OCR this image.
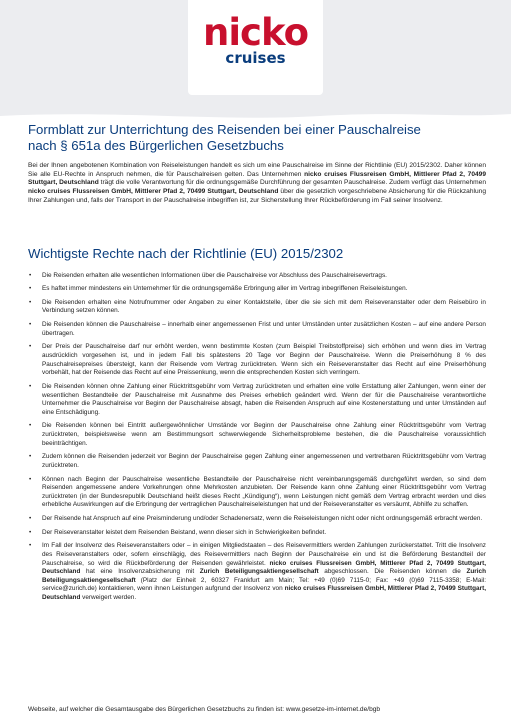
nicko
cruises
Formblatt zur Unterrichtung des Reisenden bei einer Pauschalreise
nach § 651a des Bürgerlichen Gesetzbuchs

Bei der Ihnen angebotenen Kombination von Reiseleistungen handelt es sich um eine Pauschalreise im Sinne der Richtlinie (EU) 2015/2302. Daher können Sie alle EU-Rechte in Anspruch nehmen, die für Pauschalreisen gelten. Das Unternehmen nicko cruises Flussreisen GmbH, Mittlerer Pfad 2, 70499 Stuttgart, Deutschland trägt die volle Verantwortung für die ordnungsgemäße Durchführung der gesamten Pauschalreise. Zudem verfügt das Unternehmen nicko cruises Flussreisen GmbH, Mittlerer Pfad 2, 70499 Stuttgart, Deutschland über die gesetzlich vorgeschriebene Absicherung für die Rückzahlung Ihrer Zahlungen und, falls der Transport in der Pauschalreise inbegriffen ist, zur Sicherstellung Ihrer Rückbeförderung im Fall seiner Insolvenz.

Wichtigste Rechte nach der Richtlinie (EU) 2015/2302
• Die Reisenden erhalten alle wesentlichen Informationen über die Pauschalreise vor Abschluss des Pauschalreisevertrags.
• Es haftet immer mindestens ein Unternehmer für die ordnungsgemäße Erbringung aller im Vertrag inbegriffenen Reiseleistungen.
• Die Reisenden erhalten eine Notrufnummer oder Angaben zu einer Kontaktstelle, über die sie sich mit dem Reiseveranstalter oder dem Reisebüro in Verbindung setzen können.
• Die Reisenden können die Pauschalreise – innerhalb einer angemessenen Frist und unter Umständen unter zusätzlichen Kosten – auf eine andere Person übertragen.
• Der Preis der Pauschalreise darf nur erhöht werden, wenn bestimmte Kosten (zum Beispiel Treibstoffpreise) sich erhöhen und wenn dies im Vertrag ausdrücklich vorgesehen ist, und in jedem Fall bis spätestens 20 Tage vor Beginn der Pauschalreise. Wenn die Preiserhöhung 8 % des Pauschalreisepreises übersteigt, kann der Reisende vom Vertrag zurücktreten. Wenn sich ein Reiseveranstalter das Recht auf eine Preiserhöhung vorbehält, hat der Reisende das Recht auf eine Preissenkung, wenn die entsprechenden Kosten sich verringern.
• Die Reisenden können ohne Zahlung einer Rücktrittsgebühr vom Vertrag zurücktreten und erhalten eine volle Erstattung aller Zahlungen, wenn einer der wesentlichen Bestandteile der Pauschalreise mit Ausnahme des Preises erheblich geändert wird. Wenn der für die Pauschalreise verantwortliche Unternehmer die Pauschalreise vor Beginn der Pauschalreise absagt, haben die Reisenden Anspruch auf eine Kostenerstattung und unter Umständen auf eine Entschädigung.
• Die Reisenden können bei Eintritt außergewöhnlicher Umstände vor Beginn der Pauschalreise ohne Zahlung einer Rücktrittsgebühr vom Vertrag zurücktreten, beispielsweise wenn am Bestimmungsort schwerwiegende Sicherheitsprobleme bestehen, die die Pauschalreise voraussichtlich beeinträchtigen.
• Zudem können die Reisenden jederzeit vor Beginn der Pauschalreise gegen Zahlung einer angemessenen und vertretbaren Rücktrittsgebühr vom Vertrag zurücktreten.
• Können nach Beginn der Pauschalreise wesentliche Bestandteile der Pauschalreise nicht vereinbarungsgemäß durchgeführt werden, so sind dem Reisenden angemessene andere Vorkehrungen ohne Mehrkosten anzubieten. Der Reisende kann ohne Zahlung einer Rücktrittsgebühr vom Vertrag zurücktreten (in der Bundesrepublik Deutschland heißt dieses Recht „Kündigung“), wenn Leistungen nicht gemäß dem Vertrag erbracht werden und dies erhebliche Auswirkungen auf die Erbringung der vertraglichen Pauschalreiseleistungen hat und der Reiseveranstalter es versäumt, Abhilfe zu schaffen.
• Der Reisende hat Anspruch auf eine Preisminderung und/oder Schadenersatz, wenn die Reiseleistungen nicht oder nicht ordnungsgemäß erbracht werden.
• Der Reiseveranstalter leistet dem Reisenden Beistand, wenn dieser sich in Schwierigkeiten befindet.
• Im Fall der Insolvenz des Reiseveranstalters oder – in einigen Mitgliedstaaten – des Reisevermittlers werden Zahlungen zurückerstattet. Tritt die Insolvenz des Reiseveranstalters oder, sofern einschlägig, des Reisevermittlers nach Beginn der Pauschalreise ein und ist die Beförderung Bestandteil der Pauschalreise, so wird die Rückbeförderung der Reisenden gewährleistet. nicko cruises Flussreisen GmbH, Mittlerer Pfad 2, 70499 Stuttgart, Deutschland hat eine Insolvenzabsicherung mit Zurich Beteiligungsaktiengesellschaft abgeschlossen. Die Reisenden können die Zurich Beteiligungsaktiengesellschaft (Platz der Einheit 2, 60327 Frankfurt am Main; Tel: +49 (0)69 7115-0; Fax: +49 (0)69 7115-3358; E-Mail: service@zurich.de) kontaktieren, wenn ihnen Leistungen aufgrund der Insolvenz von nicko cruises Flussreisen GmbH, Mittlerer Pfad 2, 70499 Stuttgart, Deutschland verweigert werden.
Webseite, auf welcher die Gesamtausgabe des Bürgerlichen Gesetzbuchs zu finden ist: www.gesetze-im-internet.de/bgb
